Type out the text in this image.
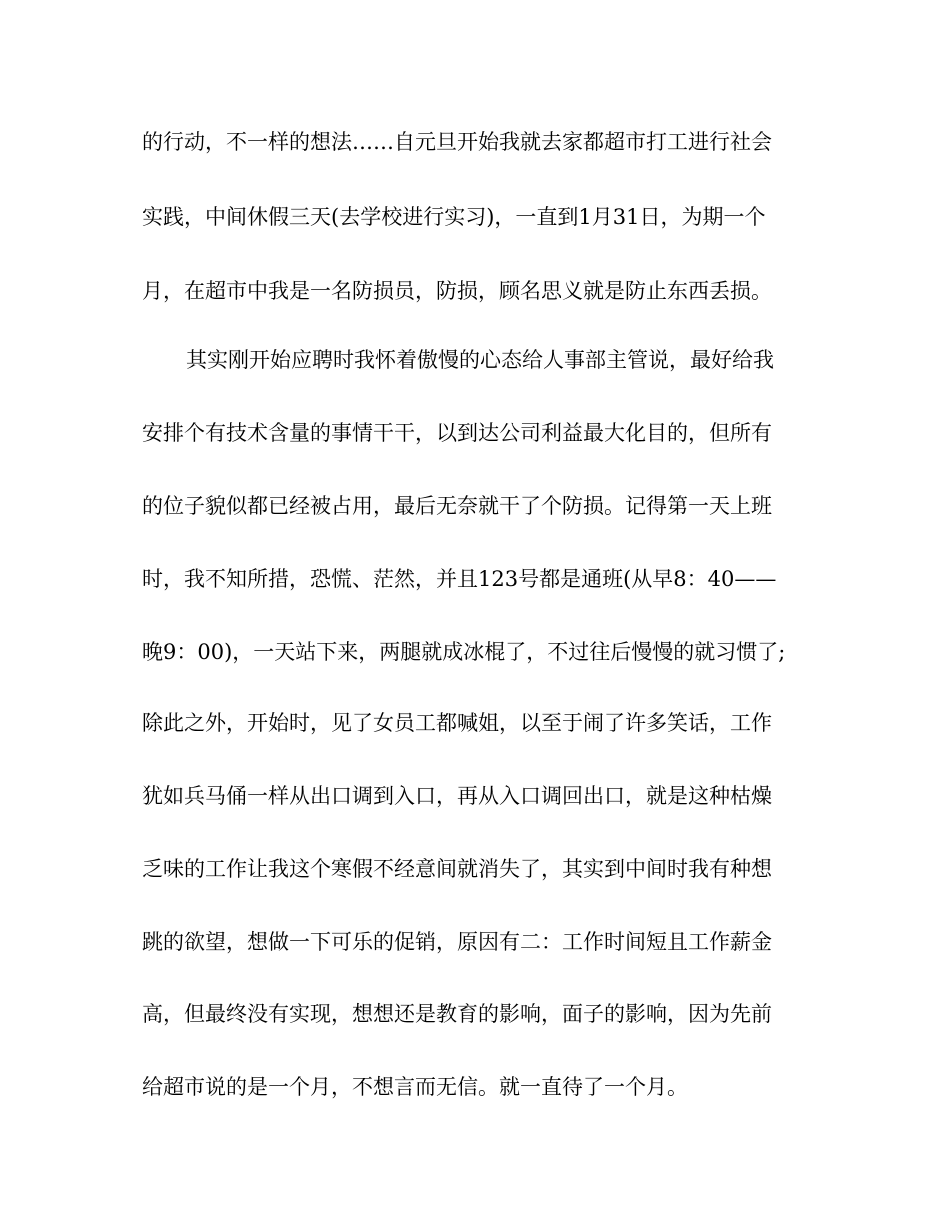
的行动，不一样的想法……自元旦开始我就去家都超市打工进行社会
实践，中间休假三天(去学校进行实习)，一直到1月31日，为期一个
月，在超市中我是一名防损员，防损，顾名思义就是防止东西丢损。
其实刚开始应聘时我怀着傲慢的心态给人事部主管说，最好给我
安排个有技术含量的事情干干，以到达公司利益最大化目的，但所有
的位子貌似都已经被占用，最后无奈就干了个防损。记得第一天上班
时，我不知所措，恐慌、茫然，并且123号都是通班(从早8：40——
晚9：00)，一天站下来，两腿就成冰棍了，不过往后慢慢的就习惯了;
除此之外，开始时，见了女员工都喊姐，以至于闹了许多笑话，工作
犹如兵马俑一样从出口调到入口，再从入口调回出口，就是这种枯燥
乏味的工作让我这个寒假不经意间就消失了，其实到中间时我有种想
跳的欲望，想做一下可乐的促销，原因有二：工作时间短且工作薪金
高，但最终没有实现，想想还是教育的影响，面子的影响，因为先前
给超市说的是一个月，不想言而无信。就一直待了一个月。
